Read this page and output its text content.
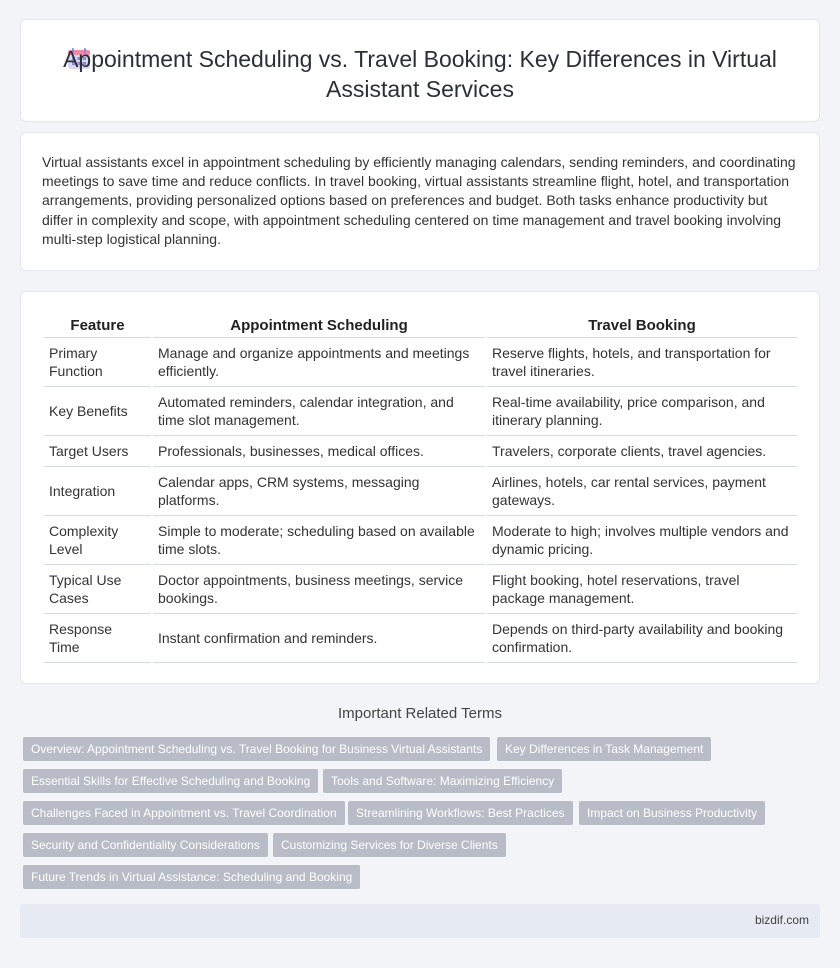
Appointment Scheduling vs. Travel Booking: Key Differences in Virtual Assistant Services

Virtual assistants excel in appointment scheduling by efficiently managing calendars, sending reminders, and coordinating meetings to save time and reduce conflicts. In travel booking, virtual assistants streamline flight, hotel, and transportation arrangements, providing personalized options based on preferences and budget. Both tasks enhance productivity but differ in complexity and scope, with appointment scheduling centered on time management and travel booking involving multi-step logistical planning.

Feature	Appointment Scheduling	Travel Booking
Primary Function	Manage and organize appointments and meetings efficiently.	Reserve flights, hotels, and transportation for travel itineraries.
Key Benefits	Automated reminders, calendar integration, and time slot management.	Real-time availability, price comparison, and itinerary planning.
Target Users	Professionals, businesses, medical offices.	Travelers, corporate clients, travel agencies.
Integration	Calendar apps, CRM systems, messaging platforms.	Airlines, hotels, car rental services, payment gateways.
Complexity Level	Simple to moderate; scheduling based on available time slots.	Moderate to high; involves multiple vendors and dynamic pricing.
Typical Use Cases	Doctor appointments, business meetings, service bookings.	Flight booking, hotel reservations, travel package management.
Response Time	Instant confirmation and reminders.	Depends on third-party availability and booking confirmation.
Important Related Terms
Overview: Appointment Scheduling vs. Travel Booking for Business Virtual Assistants	Key Differences in Task Management
Essential Skills for Effective Scheduling and Booking	Tools and Software: Maximizing Efficiency
Challenges Faced in Appointment vs. Travel Coordination	Streamlining Workflows: Best Practices	Impact on Business Productivity
Security and Confidentiality Considerations	Customizing Services for Diverse Clients
Future Trends in Virtual Assistance: Scheduling and Booking
bizdif.com
